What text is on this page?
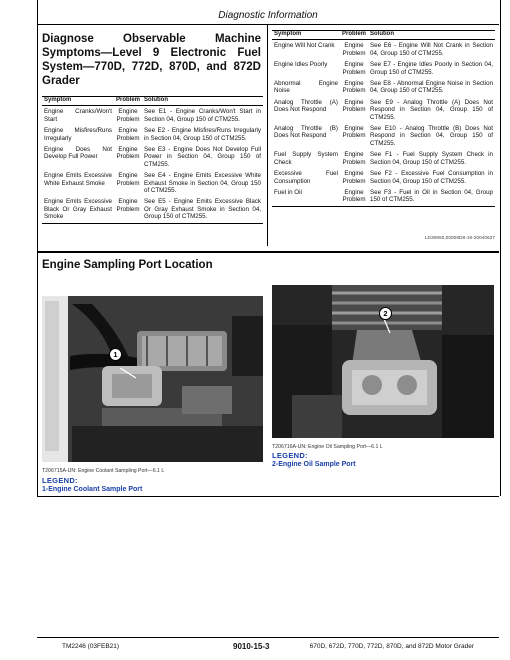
Diagnostic Information
Diagnose Observable Machine Symptoms—Level 9 Electronic Fuel System—770D, 772D, 870D, and 872D Grader
Symptom	Problem	Solution
Engine Cranks/Won't Start	Engine Problem	See E1 - Engine Cranks/Won't Start in Section 04, Group 150 of CTM255.
Engine Misfires/Runs Irregularly	Engine Problem	See E2 - Engine Misfires/Runs Irregularly in Section 04, Group 150 of CTM255.
Engine Does Not Develop Full Power	Engine Problem	See E3 - Engine Does Not Develop Full Power in Section 04, Group 150 of CTM255.
Engine Emits Excessive White Exhaust Smoke	Engine Problem	See E4 - Engine Emits Excessive White Exhaust Smoke in Section 04, Group 150 of CTM255.
Engine Emits Excessive Black Or Gray Exhaust Smoke	Engine Problem	See E5 - Engine Emits Excessive Black Or Gray Exhaust Smoke in Section 04, Group 150 of CTM255.
Symptom	Problem	Solution
Engine Will Not Crank	Engine Problem	See E6 - Engine Will Not Crank in Section 04, Group 150 of CTM255.
Engine Idles Poorly	Engine Problem	See E7 - Engine Idles Poorly in Section 04, Group 150 of CTM255.
Abnormal Engine Noise	Engine Problem	See E8 - Abnormal Engine Noise in Section 04, Group 150 of CTM255.
Analog Throttle (A) Does Not Respond	Engine Problem	See E9 - Analog Throttle (A) Does Not Respond in Section 04, Group 150 of CTM255.
Analog Throttle (B) Does Not Respond	Engine Problem	See E10 - Analog Throttle (B) Does Not Respond in Section 04, Group 150 of CTM255.
Fuel Supply System Check	Engine Problem	See F1 - Fuel Supply System Check in Section 04, Group 150 of CTM255.
Excessive Fuel Consumption	Engine Problem	See F2 - Excessive Fuel Consumption in Section 04, Group 150 of CTM255.
Fuel in Oil	Engine Problem	See F3 - Fuel in Oil in Section 04, Group 150 of CTM255.
LD30992,00008D8-19-20040627
Engine Sampling Port Location
1
T206715A-UN: Engine Coolant Sampling Port—6.1 L
LEGEND:
1-Engine Coolant Sample Port
2
T206716A-UN: Engine Oil Sampling Port—6.1 L
LEGEND:
2-Engine Oil Sample Port
TM2246 (03FEB21)	9010-15-3	670D, 672D, 770D, 772D, 870D, and 872D Motor Grader
